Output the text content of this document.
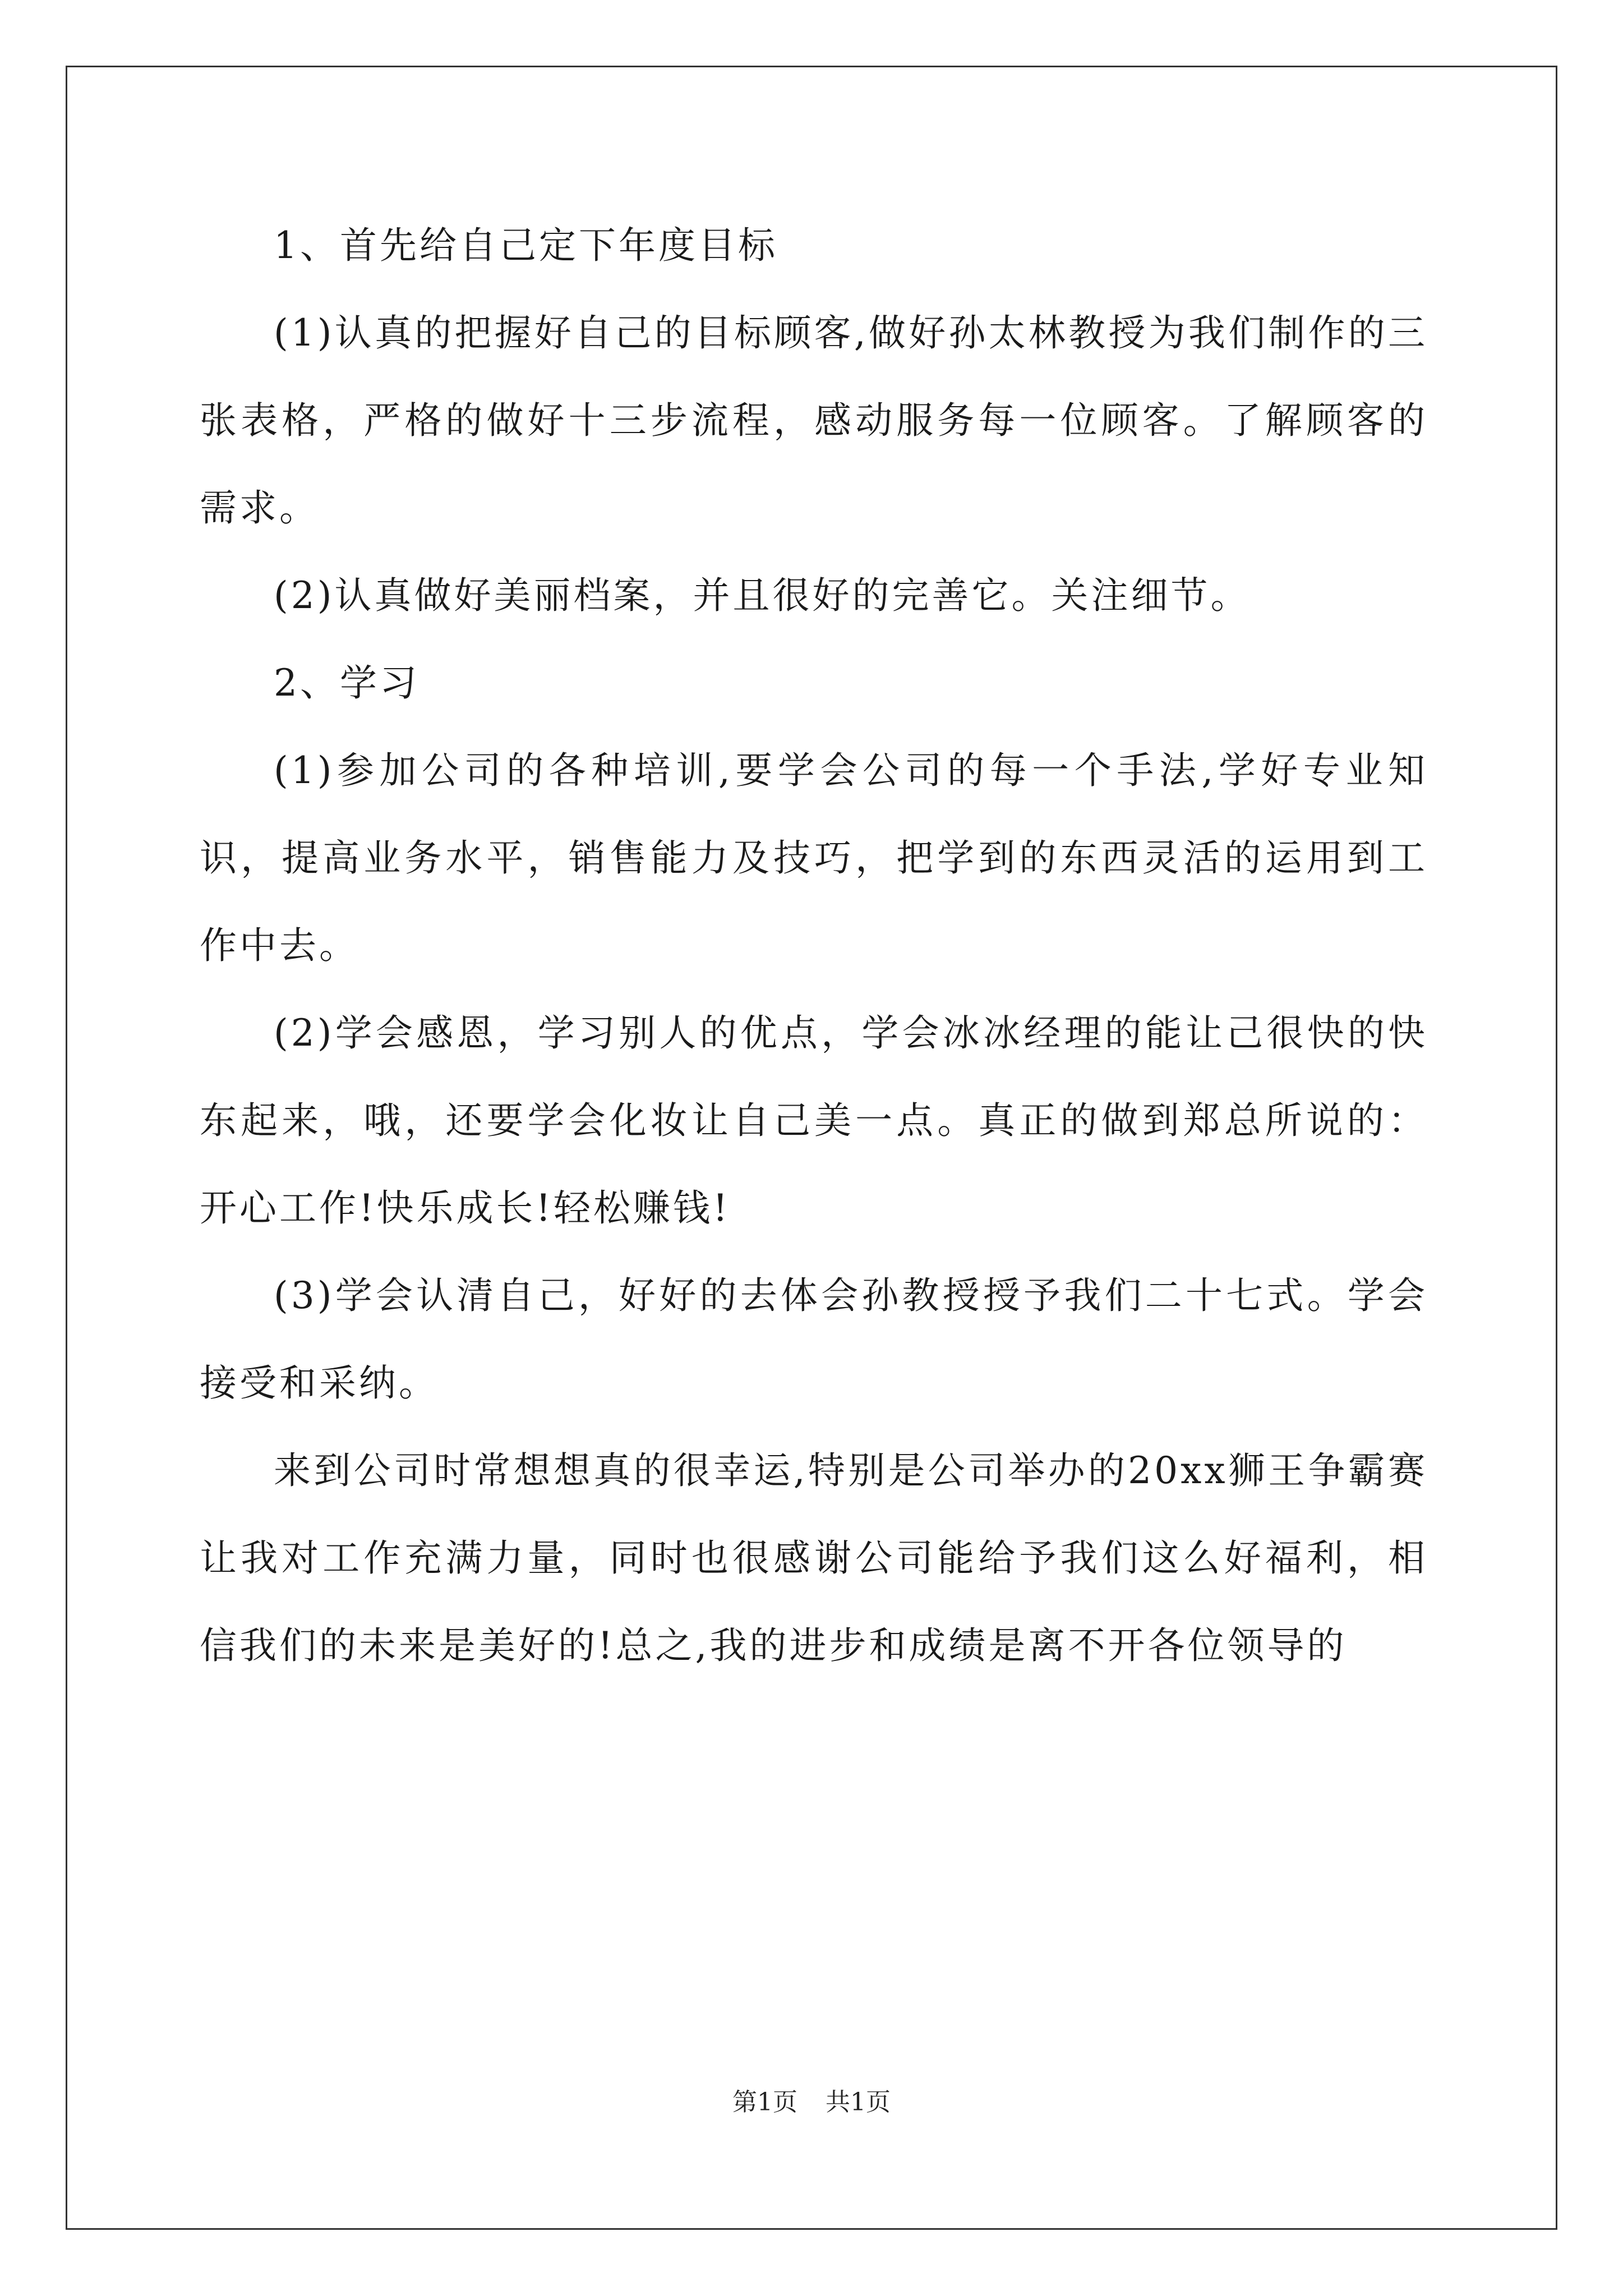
1、首先给自己定下年度目标

(1)认真的把握好自己的目标顾客,做好孙太林教授为我们制作的三张表格，严格的做好十三步流程，感动服务每一位顾客。了解顾客的需求。

(2)认真做好美丽档案，并且很好的完善它。关注细节。

2、学习

(1)参加公司的各种培训,要学会公司的每一个手法,学好专业知识，提高业务水平，销售能力及技巧，把学到的东西灵活的运用到工作中去。

(2)学会感恩，学习别人的优点，学会冰冰经理的能让己很快的快东起来，哦，还要学会化妆让自己美一点。真正的做到郑总所说的：开心工作!快乐成长!轻松赚钱!

(3)学会认清自己，好好的去体会孙教授授予我们二十七式。学会接受和采纳。

来到公司时常想想真的很幸运,特别是公司举办的20xx狮王争霸赛让我对工作充满力量，同时也很感谢公司能给予我们这么好福利，相信我们的未来是美好的!总之,我的进步和成绩是离不开各位领导的

第1页 共1页
